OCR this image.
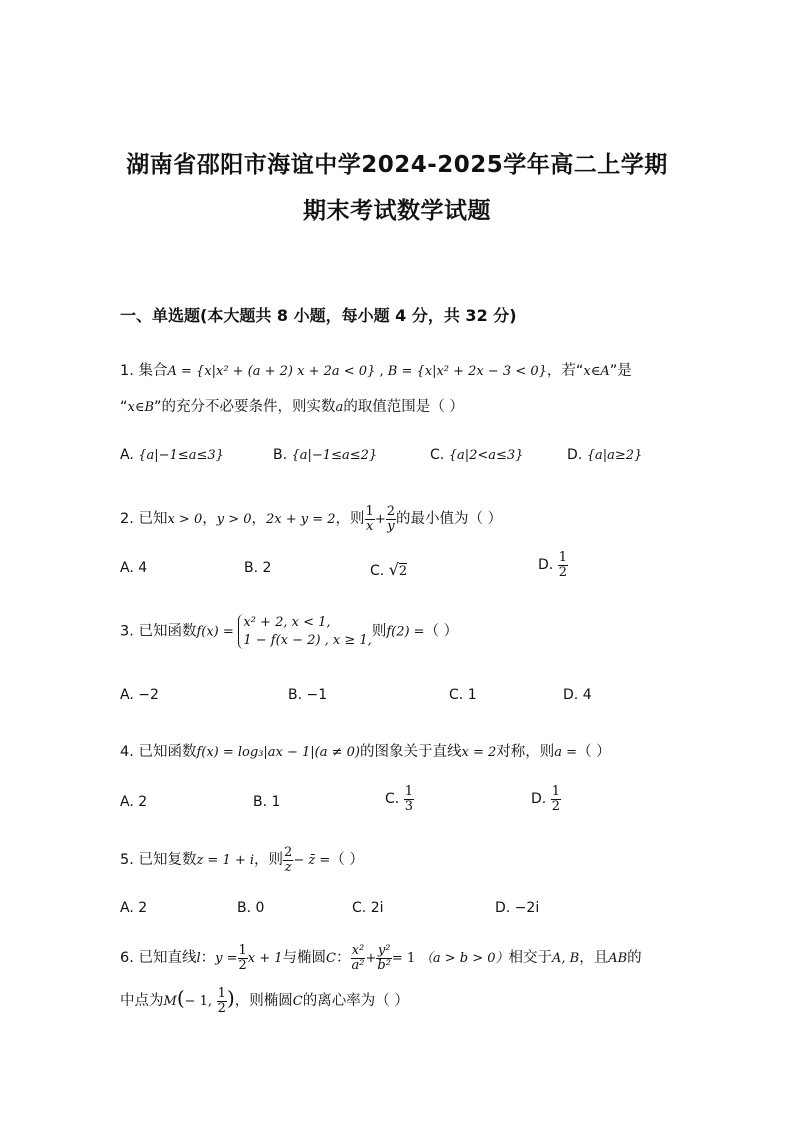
湖南省邵阳市海谊中学2024-2025学年高二上学期
期末考试数学试题
一、单选题(本大题共 8 小题，每小题 4 分，共 32 分)
1. 集合A = {x|x² + (a + 2) x + 2a < 0} , B = {x|x² + 2x − 3 < 0}，若“x∈A”是
“x∈B”的充分不必要条件，则实数a的取值范围是（ ）
A. {a|−1≤a≤3}	B. {a|−1≤a≤2}	C. {a|2<a≤3}	D. {a|a≥2}
2. 已知x > 0，y > 0，2x + y = 2，则 $\frac{1}{x} + \frac{2}{y}$ 的最小值为（ ）
A. 4	B. 2	C. √2	D. $\frac{1}{2}$
3. 已知函数f(x) =
x² + 2, x < 1,
1 − f(x − 2) , x ≥ 1,
则f(2) =（ ）
A. −2	B. −1	C. 1	D. 4
4. 已知函数f(x) = log₃|ax − 1|(a ≠ 0)的图象关于直线x = 2对称，则a =（ ）
A. 2	B. 1	C. $\frac{1}{3}$	D. $\frac{1}{2}$
5. 已知复数z = 1 + i，则 $\frac{2}{z}$ − z̄ =（ ）
A. 2	B. 0	C. 2i	D. −2i
6. 已知直线l：$y = \frac{1}{2}$ x + 1与椭圆C： $\frac{\text{x²}}{\text{a²}} + \frac{\text{y²}}{\text{b²}} = 1$ （a > b > 0）相交于A, B，且AB的
中点为M(− 1, $\frac{1}{2}$ )，则椭圆C的离心率为（ ）
